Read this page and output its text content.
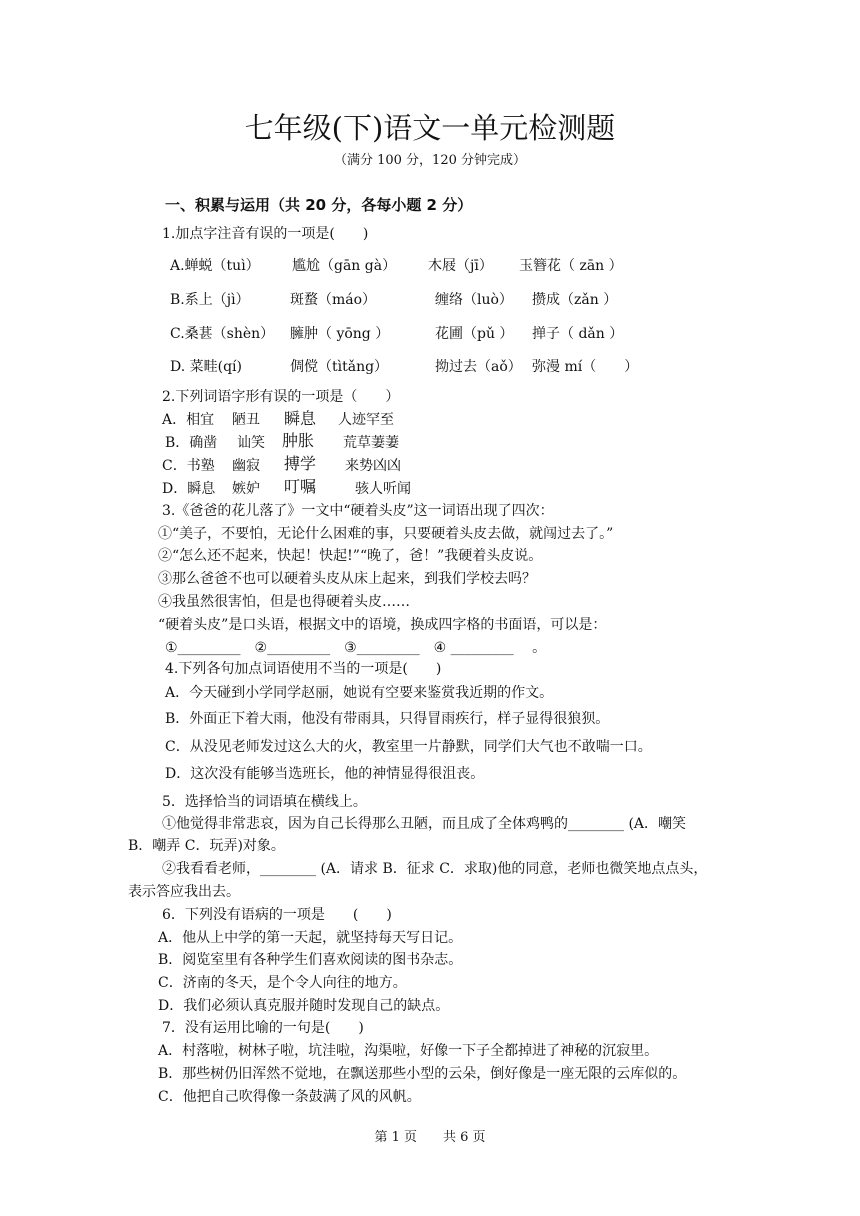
七年级(下)语文一单元检测题
（满分 100 分，120 分钟完成）
一、积累与运用（共 20 分，各每小题 2 分）
1.加点字注音有误的一项是(　　)
A.蝉蜕（tuì） 尴尬（gān gà） 木屐（jī） 玉簪花（ zān ）
B.系上（jì）	斑蝥（máo）	缠络（luò） 攒成（zǎn ）
C.桑葚（shèn） 臃肿（ yōng ）	花圃（pǔ ） 掸子（ dǎn ）
D. 菜畦(qí)	倜傥（tìtǎng）	拗过去（aǒ） 弥漫 mí（　　）
2.下列词语字形有误的一项是（　　）
A．相宜 陋丑 瞬息 人迹罕至
B．确凿 讪笑 肿胀 荒草萋萋
C．书塾 幽寂 搏学 来势凶凶
D．瞬息 嫉妒 叮嘱	骇人听闻
3.《爸爸的花儿落了》一文中“硬着头皮”这一词语出现了四次：
①“美子，不要怕，无论什么困难的事，只要硬着头皮去做，就闯过去了。”
②“怎么还不起来，快起！快起!”“晚了，爸！”我硬着头皮说。
③那么爸爸不也可以硬着头皮从床上起来，到我们学校去吗？
④我虽然很害怕，但是也得硬着头皮……
“硬着头皮”是口头语，根据文中的语境，换成四字格的书面语，可以是：
①_________　②_________　③_________　④ _________　 。
4.下列各句加点词语使用不当的一项是(　　)
A．今天碰到小学同学赵丽，她说有空要来鉴赏我近期的作文。
B．外面正下着大雨，他没有带雨具，只得冒雨疾行，样子显得很狼狈。
C．从没见老师发过这么大的火，教室里一片静默，同学们大气也不敢喘一口。
D．这次没有能够当选班长，他的神情显得很沮丧。
5．选择恰当的词语填在横线上。
①他觉得非常悲哀，因为自己长得那么丑陋，而且成了全体鸡鸭的________ (A．嘲笑
B．嘲弄 C．玩弄)对象。
②我看看老师，________ (A．请求 B．征求 C．求取)他的同意，老师也微笑地点点头，
表示答应我出去。
6．下列没有语病的一项是　　(　　)
A．他从上中学的第一天起，就坚持每天写日记。
B．阅览室里有各种学生们喜欢阅读的图书杂志。
C．济南的冬天，是个令人向往的地方。
D．我们必须认真克服并随时发现自己的缺点。
7．没有运用比喻的一句是(　　)
A．村落啦，树林子啦，坑洼啦，沟渠啦，好像一下子全都掉进了神秘的沉寂里。
B．那些树仍旧浑然不觉地，在飘送那些小型的云朵，倒好像是一座无限的云库似的。
C．他把自己吹得像一条鼓满了风的风帆。
第 1 页　　共 6 页
